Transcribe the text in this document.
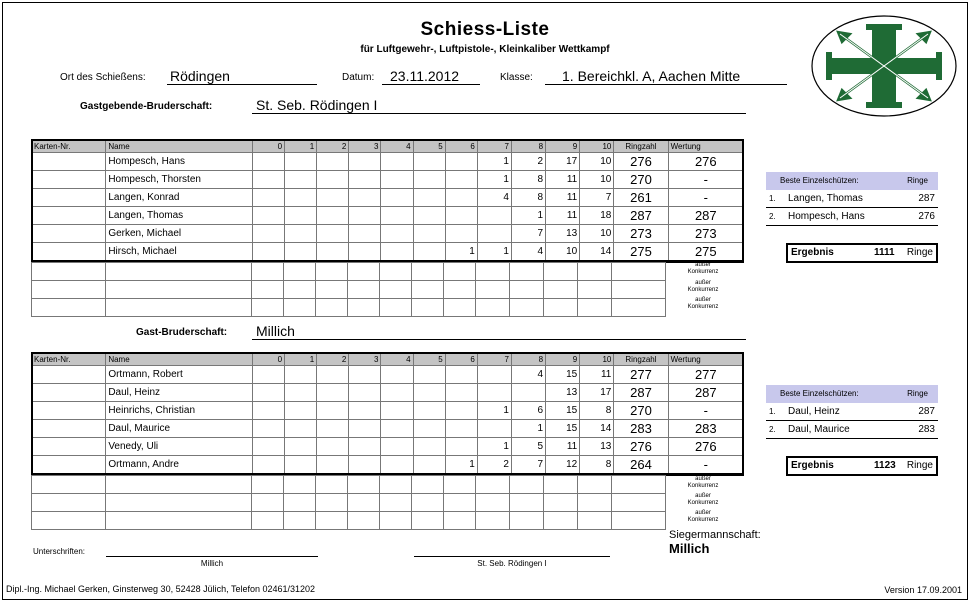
Schiess-Liste
für Luftgewehr-, Luftpistole-, Kleinkaliber Wettkampf
Ort des Schießens: Rödingen	Datum: 23.11.2012	Klasse: 1. Bereichkl. A, Aachen Mitte
Gastgebende-Bruderschaft:	St. Seb. Rödingen I
Karten-Nr.	Name	0	1	2	3	4	5	6	7	8	9	10	Ringzahl	Wertung
	Hompesch, Hans								1	2	17	10	276	276
	Hompesch, Thorsten								1	8	11	10	270	-
	Langen, Konrad								4	8	11	7	261	-
	Langen, Thomas									1	11	18	287	287
	Gerken, Michael									7	13	10	273	273
	Hirsch, Michael							1	1	4	10	14	275	275

außer
Konkurrenz
außer
Konkurrenz
außer
Konkurrenz
Beste Einzelschützen:	Ringe
1. Langen, Thomas	287
2. Hompesch, Hans	276
Ergebnis	1111 Ringe
Gast-Bruderschaft: Millich
Karten-Nr.	Name	0	1	2	3	4	5	6	7	8	9	10	Ringzahl	Wertung
	Ortmann, Robert									4	15	11	277	277
	Daul, Heinz										13	17	287	287
	Heinrichs, Christian								1	6	15	8	270	-
	Daul, Maurice									1	15	14	283	283
	Venedy, Uli								1	5	11	13	276	276
	Ortmann, Andre							1	2	7	12	8	264	-

außer
Konkurrenz
außer
Konkurrenz
außer
Konkurrenz
Beste Einzelschützen:	Ringe
1. Daul, Heinz	287
2. Daul, Maurice	283
Ergebnis	1123 Ringe
Siegermannschaft:
Millich
Unterschriften:
Millich	St. Seb. Rödingen I
Dipl.-Ing. Michael Gerken, Ginsterweg 30, 52428 Jülich, Telefon 02461/31202	Version 17.09.2001
